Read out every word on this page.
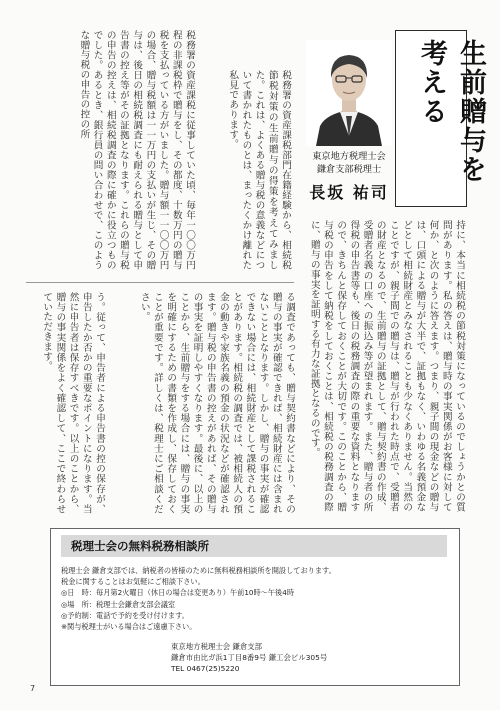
生前贈与を考える
東京地方税理士会
鎌倉支部税理士
長坂 祐司
税務署の資産課税部門在籍経験から、相続税節税対策の生前贈与の得策を考えてみました。これは、よくある贈与税の意義などについて書かれたものとは、まったくかけ離れた私見であります。
税務署の資産課税に従事していた頃、毎年一〇〇万円程の非課税枠で贈与をし、その都度、十数万円の贈与税を支払っている方がいました。贈与額一一〇〇万円の場合、贈与税額は一一万円の支払いが生じ、その贈与は、後日の相続税調査にも耐えられる贈与として申告書の控え等がその証拠となります。これらの贈与税の申告の控えは、相続税調査の際に確かに役立つものでした。あるとき、銀行員の問い合わせで、このような贈与税の申告の控の所
持に、本当に相続税の節税対策になっているのでしょうかとの質問があります。私の答えは、贈与時の事実関係がお客様に対して何か、と次のように答えます。つまり、親子間の現金などの贈与は、口頭による贈与が大半で、証拠もなく、いわゆる名義預金などとして相続財産とみなされることも少なくありません。当然のことですが、親子間での贈与は、贈与が行われた時点で、受贈者の財産となるので、生前贈与の証拠として、贈与契約書の作成、受贈者名義の口座への振込み等が望まれます。また、贈与者の所得税の申告書等も、後日の税務調査の際の重要な資料となりますので、きちんと保存しておくことが大切です。このことから、贈与税の申告をして納税をしておくことは、相続税の税務調査の際に、贈与の事実を証明する有力な証拠となるのです。
る調査であっても、贈与契約書などにより、その贈与の事実が確認できれば、相続財産には含まれないこととなります。しかし、贈与の事実が確認できない場合には、相続財産として課税されることがあります。相続税の調査では、被相続人の預金の動きや家族名義の預金の状況などが確認されます。贈与税の申告書の控えがあれば、その贈与の事実を証明しやすくなります。最後に、以上のことから、生前贈与をする場合には、贈与の事実を明確にするための書類を作成し、保存しておくことが重要です。詳しくは、税理士にご相談ください。
う。従って、申告者による申告書の控の保存が、申告したか否かの重要なポイントになります。当然に申告者は保存すべきです。以上のことから、贈与の事実関係をよく確認して、ここで終わらせていただきます。
税理士会の無料税務相談所
税理士会 鎌倉支部では、納税者の皆様のために無料税務相談所を開設しております。
税金に関することはお気軽にご相談下さい。
◎日　時：毎月第2火曜日（休日の場合は変更あり）午前10時～午後4時
◎場　所：税理士会鎌倉支部会議室
◎予約制：電話で予約を受け付けます。
※関与税理士がいる場合はご遠慮下さい。
東京地方税理士会 鎌倉支部
鎌倉市由比ガ浜1丁目8番9号 鎌工会ビル305号
TEL 0467(25)5220
7
